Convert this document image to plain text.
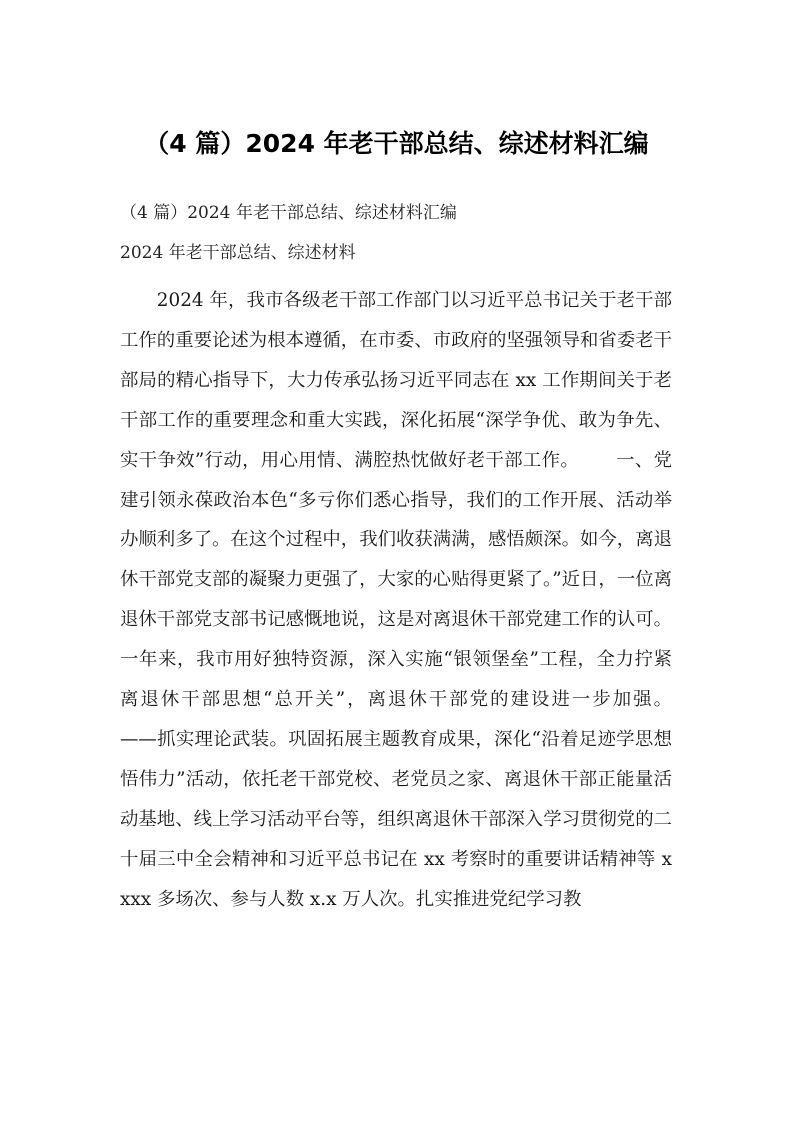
（4 篇）2024 年老干部总结、综述材料汇编

（4 篇）2024 年老干部总结、综述材料汇编

2024 年老干部总结、综述材料

2024 年，我市各级老干部工作部门以习近平总书记关于老干部工作的重要论述为根本遵循，在市委、市政府的坚强领导和省委老干部局的精心指导下，大力传承弘扬习近平同志在 xx 工作期间关于老干部工作的重要理念和重大实践，深化拓展“深学争优、敢为争先、实干争效”行动，用心用情、满腔热忱做好老干部工作。      一、党建引领永葆政治本色“多亏你们悉心指导，我们的工作开展、活动举办顺利多了。在这个过程中，我们收获满满，感悟颇深。如今，离退休干部党支部的凝聚力更强了，大家的心贴得更紧了。”近日，一位离退休干部党支部书记感慨地说，这是对离退休干部党建工作的认可。      一年来，我市用好独特资源，深入实施“银领堡垒”工程，全力拧紧离退休干部思想“总开关”，离退休干部党的建设进一步加强。      ——抓实理论武装。巩固拓展主题教育成果，深化“沿着足迹学思想悟伟力”活动，依托老干部党校、老党员之家、离退休干部正能量活动基地、线上学习活动平台等，组织离退休干部深入学习贯彻党的二十届三中全会精神和习近平总书记在 xx 考察时的重要讲话精神等 xxxx 多场次、参与人数 x.x 万人次。扎实推进党纪学习教
